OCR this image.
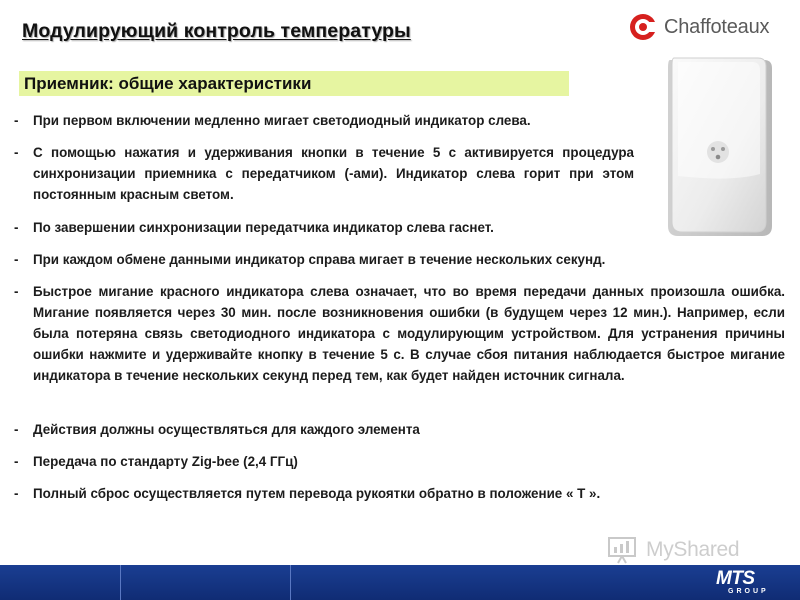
Модулирующий контроль температуры	Chaffoteaux
Приемник: общие характеристики
-	При первом включении медленно мигает светодиодный индикатор слева.
-	С помощью нажатия и удерживания кнопки в течение 5 с активируется процедура синхронизации приемника с передатчиком (-ами). Индикатор слева горит при этом постоянным красным светом.
-	По завершении синхронизации передатчика индикатор слева гаснет.
-	При каждом обмене данными индикатор справа мигает в течение нескольких секунд.
-	Быстрое мигание красного индикатора слева означает, что во время передачи данных произошла ошибка. Мигание появляется через 30 мин. после возникновения ошибки (в будущем через 12 мин.). Например, если была потеряна связь светодиодного индикатора с модулирующим устройством. Для устранения причины ошибки нажмите и удерживайте кнопку в течение 5 с. В случае сбоя питания наблюдается быстрое мигание индикатора в течение нескольких секунд перед тем, как будет найден источник сигнала.
-	Действия должны осуществляться для каждого элемента
-	Передача по стандарту Zig-bee (2,4 ГГц)
-	Полный сброс осуществляется путем перевода рукоятки обратно в положение « T ».
MyShared
MTS
GROUP
